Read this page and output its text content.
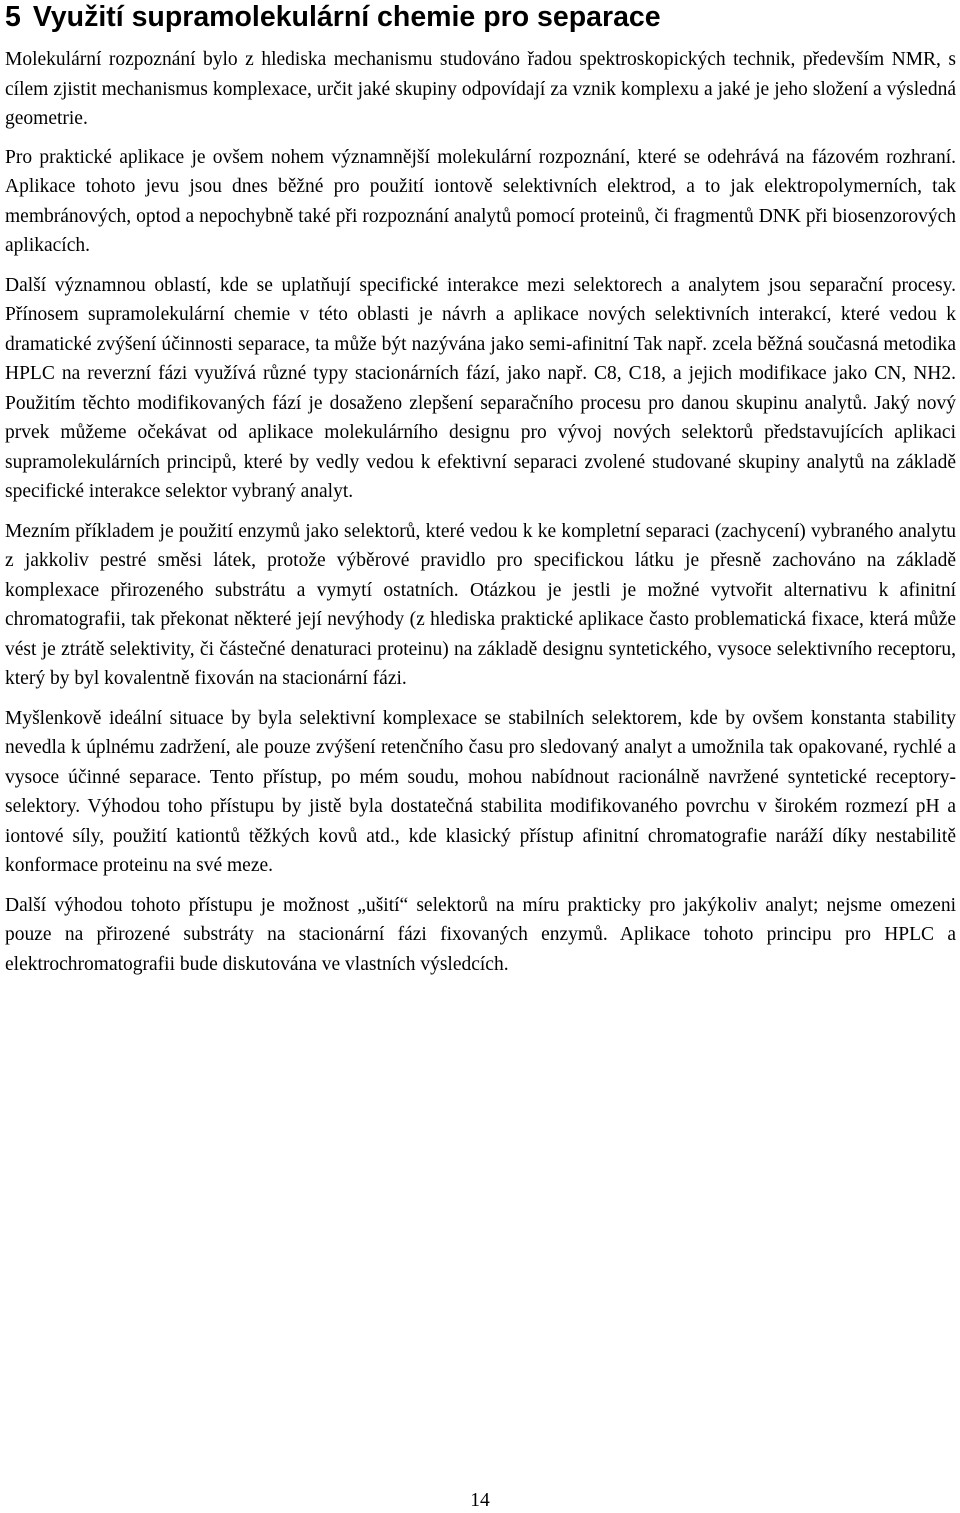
5 Využití supramolekulární chemie pro separace

Molekulární rozpoznání bylo z hlediska mechanismu studováno řadou spektroskopických technik, především NMR, s cílem zjistit mechanismus komplexace, určit jaké skupiny odpovídají za vznik komplexu a jaké je jeho složení a výsledná geometrie.

Pro praktické aplikace je ovšem nohem významnější molekulární rozpoznání, které se odehrává na fázovém rozhraní. Aplikace tohoto jevu jsou dnes běžné pro použití iontově selektivních elektrod, a to jak elektropolymerních, tak membránových, optod a nepochybně také při rozpoznání analytů pomocí proteinů, či fragmentů DNK při biosenzorových aplikacích.

Další významnou oblastí, kde se uplatňují specifické interakce mezi selektorech a analytem jsou separační procesy. Přínosem supramolekulární chemie v této oblasti je návrh a aplikace nových selektivních interakcí, které vedou k dramatické zvýšení účinnosti separace, ta může být nazývána jako semi-afinitní Tak např. zcela běžná současná metodika HPLC na reverzní fázi využívá různé typy stacionárních fází, jako např. C8, C18, a jejich modifikace jako CN, NH2. Použitím těchto modifikovaných fází je dosaženo zlepšení separačního procesu pro danou skupinu analytů. Jaký nový prvek můžeme očekávat od aplikace molekulárního designu pro vývoj nových selektorů představujících aplikaci supramolekulárních principů, které by vedly vedou k efektivní separaci zvolené studované skupiny analytů na základě specifické interakce selektor vybraný analyt.

Mezním příkladem je použití enzymů jako selektorů, které vedou k ke kompletní separaci (zachycení) vybraného analytu z jakkoliv pestré směsi látek, protože výběrové pravidlo pro specifickou látku je přesně zachováno na základě komplexace přirozeného substrátu a vymytí ostatních. Otázkou je jestli je možné vytvořit alternativu k afinitní chromatografii, tak překonat některé její nevýhody (z hlediska praktické aplikace často problematická fixace, která může vést je ztrátě selektivity, či částečné denaturaci proteinu) na základě designu syntetického, vysoce selektivního receptoru, který by byl kovalentně fixován na stacionární fázi.

Myšlenkově ideální situace by byla selektivní komplexace se stabilních selektorem, kde by ovšem konstanta stability nevedla k úplnému zadržení, ale pouze zvýšení retenčního času pro sledovaný analyt a umožnila tak opakované, rychlé a vysoce účinné separace. Tento přístup, po mém soudu, mohou nabídnout racionálně navržené syntetické receptory-selektory. Výhodou toho přístupu by jistě byla dostatečná stabilita modifikovaného povrchu v širokém rozmezí pH a iontové síly, použití kationtů těžkých kovů atd., kde klasický přístup afinitní chromatografie naráží díky nestabilitě konformace proteinu na své meze.

Další výhodou tohoto přístupu je možnost „ušití“ selektorů na míru prakticky pro jakýkoliv analyt; nejsme omezeni pouze na přirozené substráty na stacionární fázi fixovaných enzymů. Aplikace tohoto principu pro HPLC a elektrochromatografii bude diskutována ve vlastních výsledcích.

14
